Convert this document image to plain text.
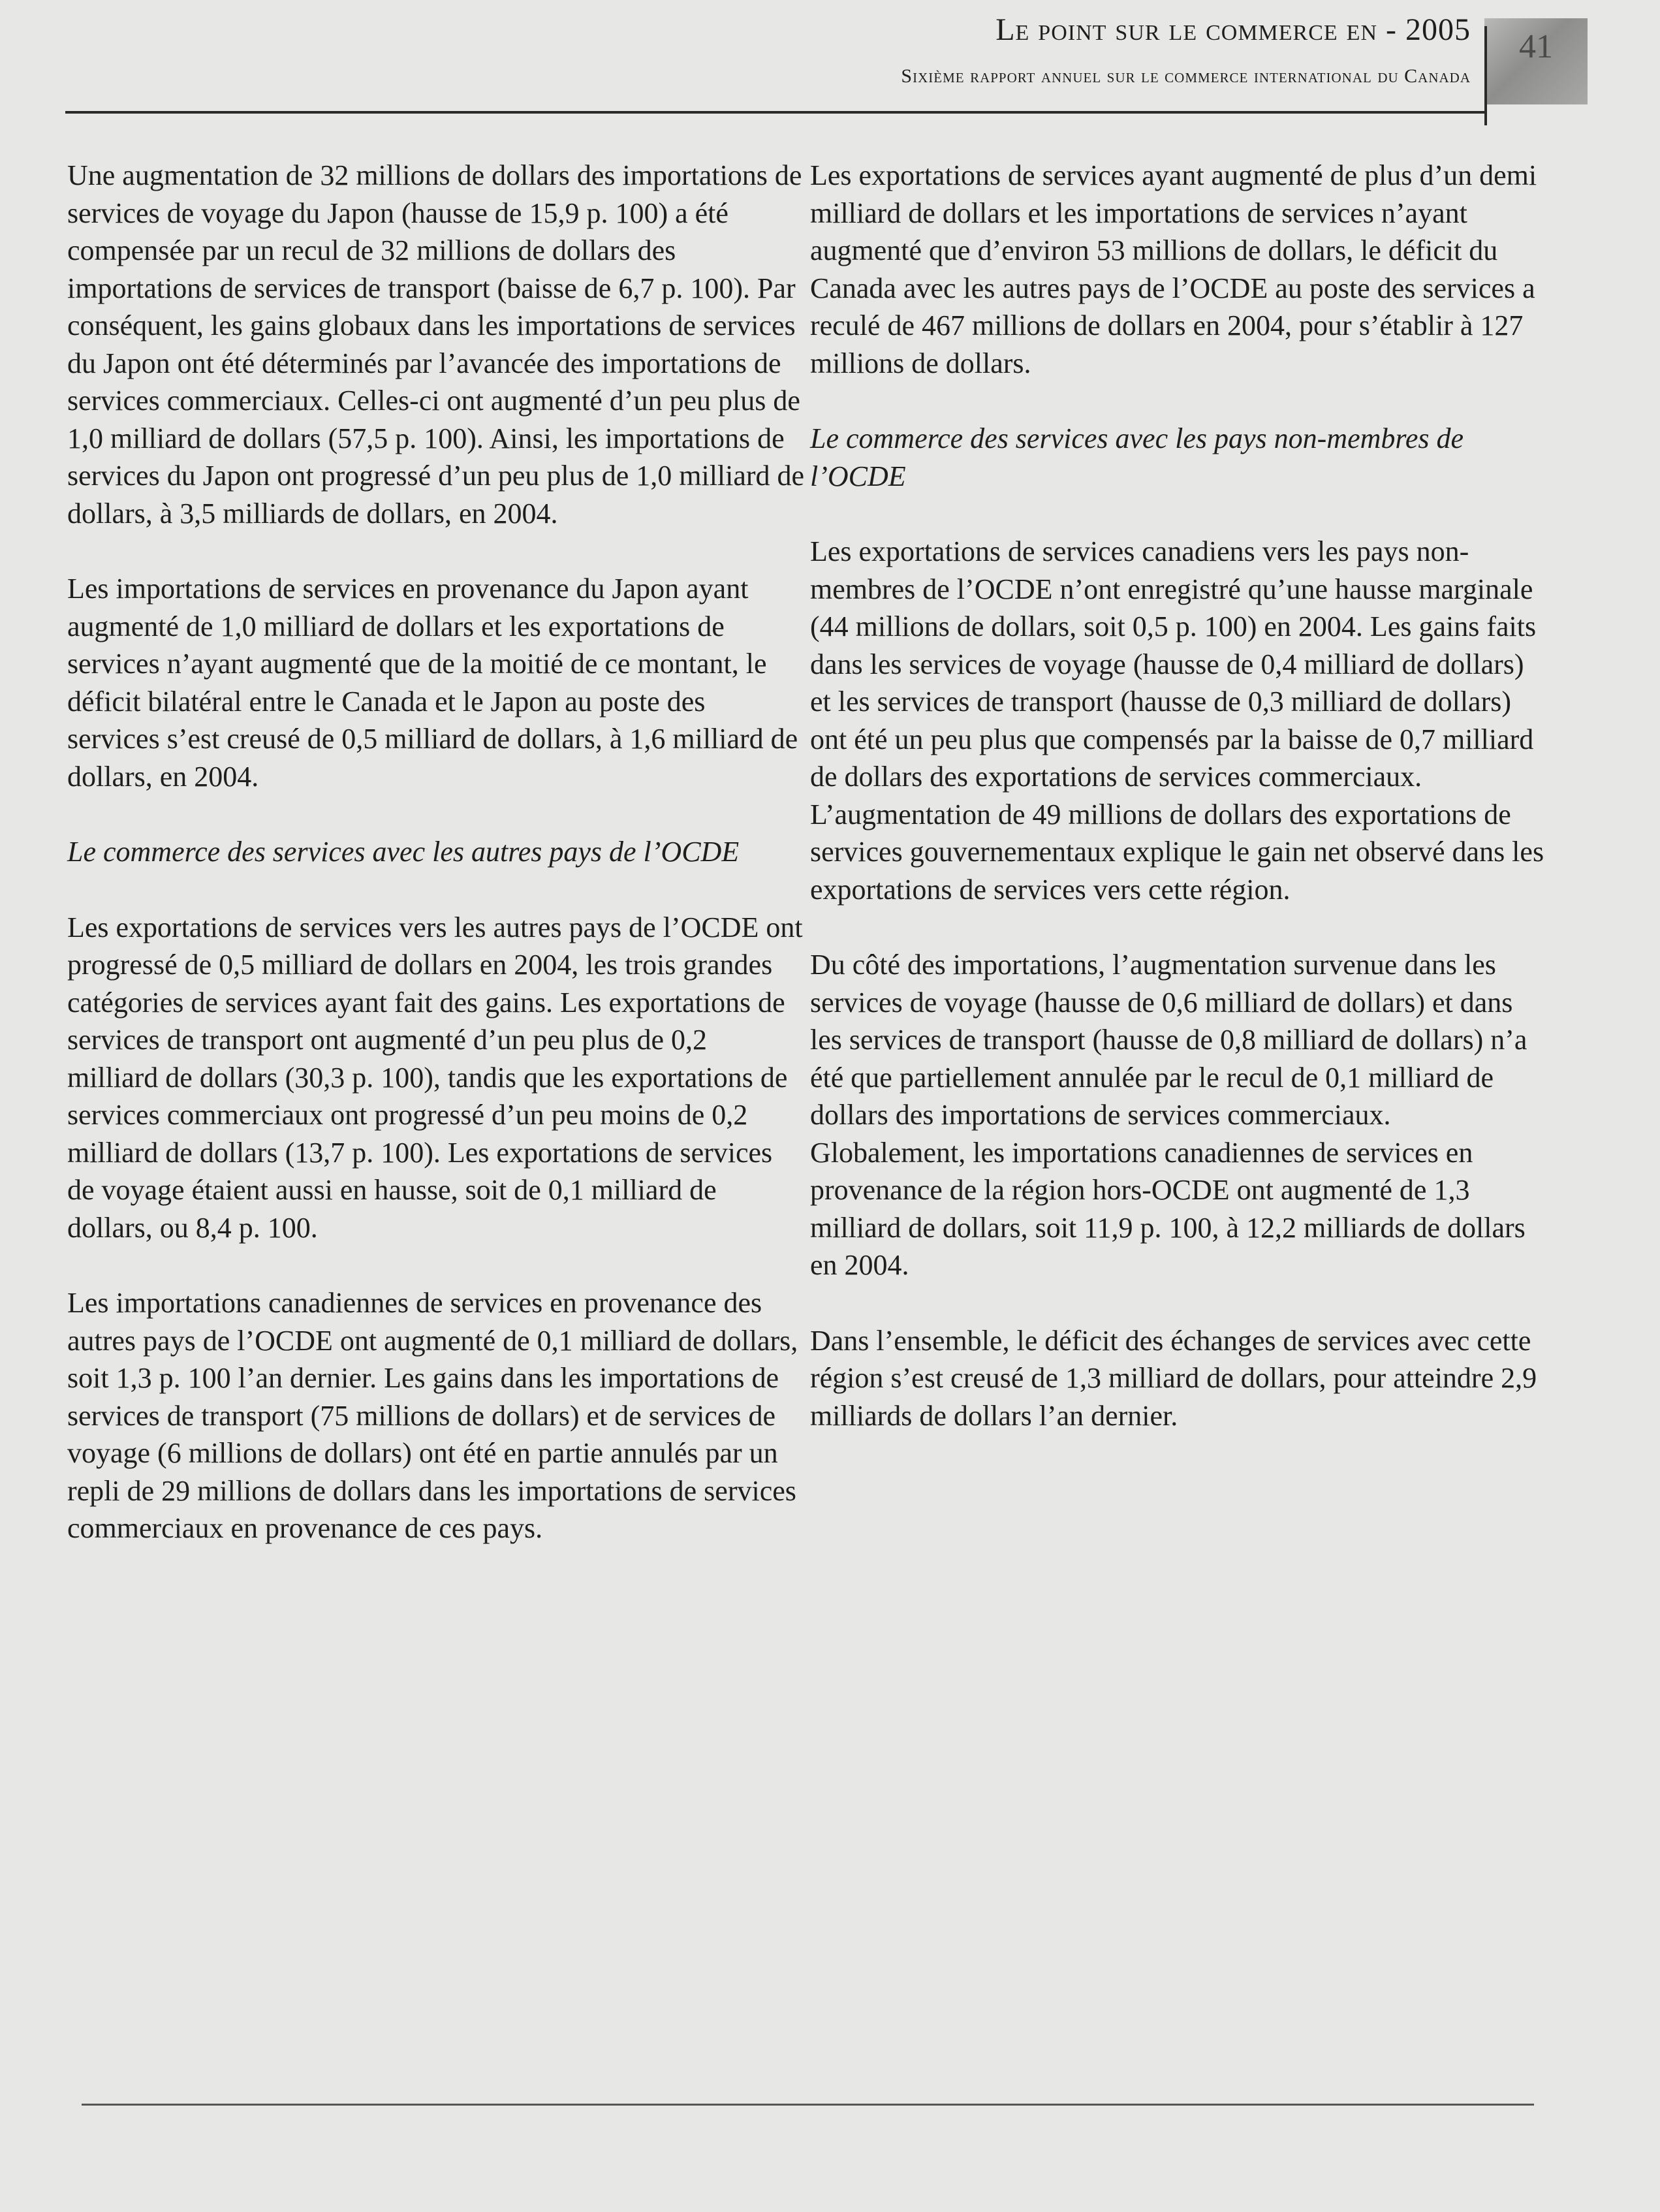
Le point sur le commerce en - 2005
Sixième rapport annuel sur le commerce international du Canada
41

Une augmentation de 32 millions de dollars des importations de services de voyage du Japon (hausse de 15,9 p. 100) a été compensée par un recul de 32 millions de dollars des importations de services de transport (baisse de 6,7 p. 100). Par conséquent, les gains globaux dans les importations de services du Japon ont été déterminés par l’avancée des importations de services commerciaux. Celles-ci ont augmenté d’un peu plus de 1,0 milliard de dollars (57,5 p. 100). Ainsi, les importations de services du Japon ont progressé d’un peu plus de 1,0 milliard de dollars, à 3,5 milliards de dollars, en 2004.

Les importations de services en provenance du Japon ayant augmenté de 1,0 milliard de dollars et les exportations de services n’ayant augmenté que de la moitié de ce montant, le déficit bilatéral entre le Canada et le Japon au poste des services s’est creusé de 0,5 milliard de dollars, à 1,6 milliard de dollars, en 2004.

Le commerce des services avec les autres pays de l’OCDE

Les exportations de services vers les autres pays de l’OCDE ont progressé de 0,5 milliard de dollars en 2004, les trois grandes catégories de services ayant fait des gains. Les exportations de services de transport ont augmenté d’un peu plus de 0,2 milliard de dollars (30,3 p. 100), tandis que les exportations de services commerciaux ont progressé d’un peu moins de 0,2 milliard de dollars (13,7 p. 100). Les exportations de services de voyage étaient aussi en hausse, soit de 0,1 milliard de dollars, ou 8,4 p. 100.

Les importations canadiennes de services en provenance des autres pays de l’OCDE ont augmenté de 0,1 milliard de dollars, soit 1,3 p. 100 l’an dernier. Les gains dans les importations de services de transport (75 millions de dollars) et de services de voyage (6 millions de dollars) ont été en partie annulés par un repli de 29 millions de dollars dans les importations de services commerciaux en provenance de ces pays.

Les exportations de services ayant augmenté de plus d’un demi milliard de dollars et les importations de services n’ayant augmenté que d’environ 53 millions de dollars, le déficit du Canada avec les autres pays de l’OCDE au poste des services a reculé de 467 millions de dollars en 2004, pour s’établir à 127 millions de dollars.

Le commerce des services avec les pays non-membres de l’OCDE

Les exportations de services canadiens vers les pays non-membres de l’OCDE n’ont enregistré qu’une hausse marginale (44 millions de dollars, soit 0,5 p. 100) en 2004. Les gains faits dans les services de voyage (hausse de 0,4 milliard de dollars) et les services de transport (hausse de 0,3 milliard de dollars) ont été un peu plus que compensés par la baisse de 0,7 milliard de dollars des exportations de services commerciaux. L’augmentation de 49 millions de dollars des exportations de services gouvernementaux explique le gain net observé dans les exportations de services vers cette région.

Du côté des importations, l’augmentation survenue dans les services de voyage (hausse de 0,6 milliard de dollars) et dans les services de transport (hausse de 0,8 milliard de dollars) n’a été que partiellement annulée par le recul de 0,1 milliard de dollars des importations de services commerciaux. Globalement, les importations canadiennes de services en provenance de la région hors-OCDE ont augmenté de 1,3 milliard de dollars, soit 11,9 p. 100, à 12,2 milliards de dollars en 2004.

Dans l’ensemble, le déficit des échanges de services avec cette région s’est creusé de 1,3 milliard de dollars, pour atteindre 2,9 milliards de dollars l’an dernier.
